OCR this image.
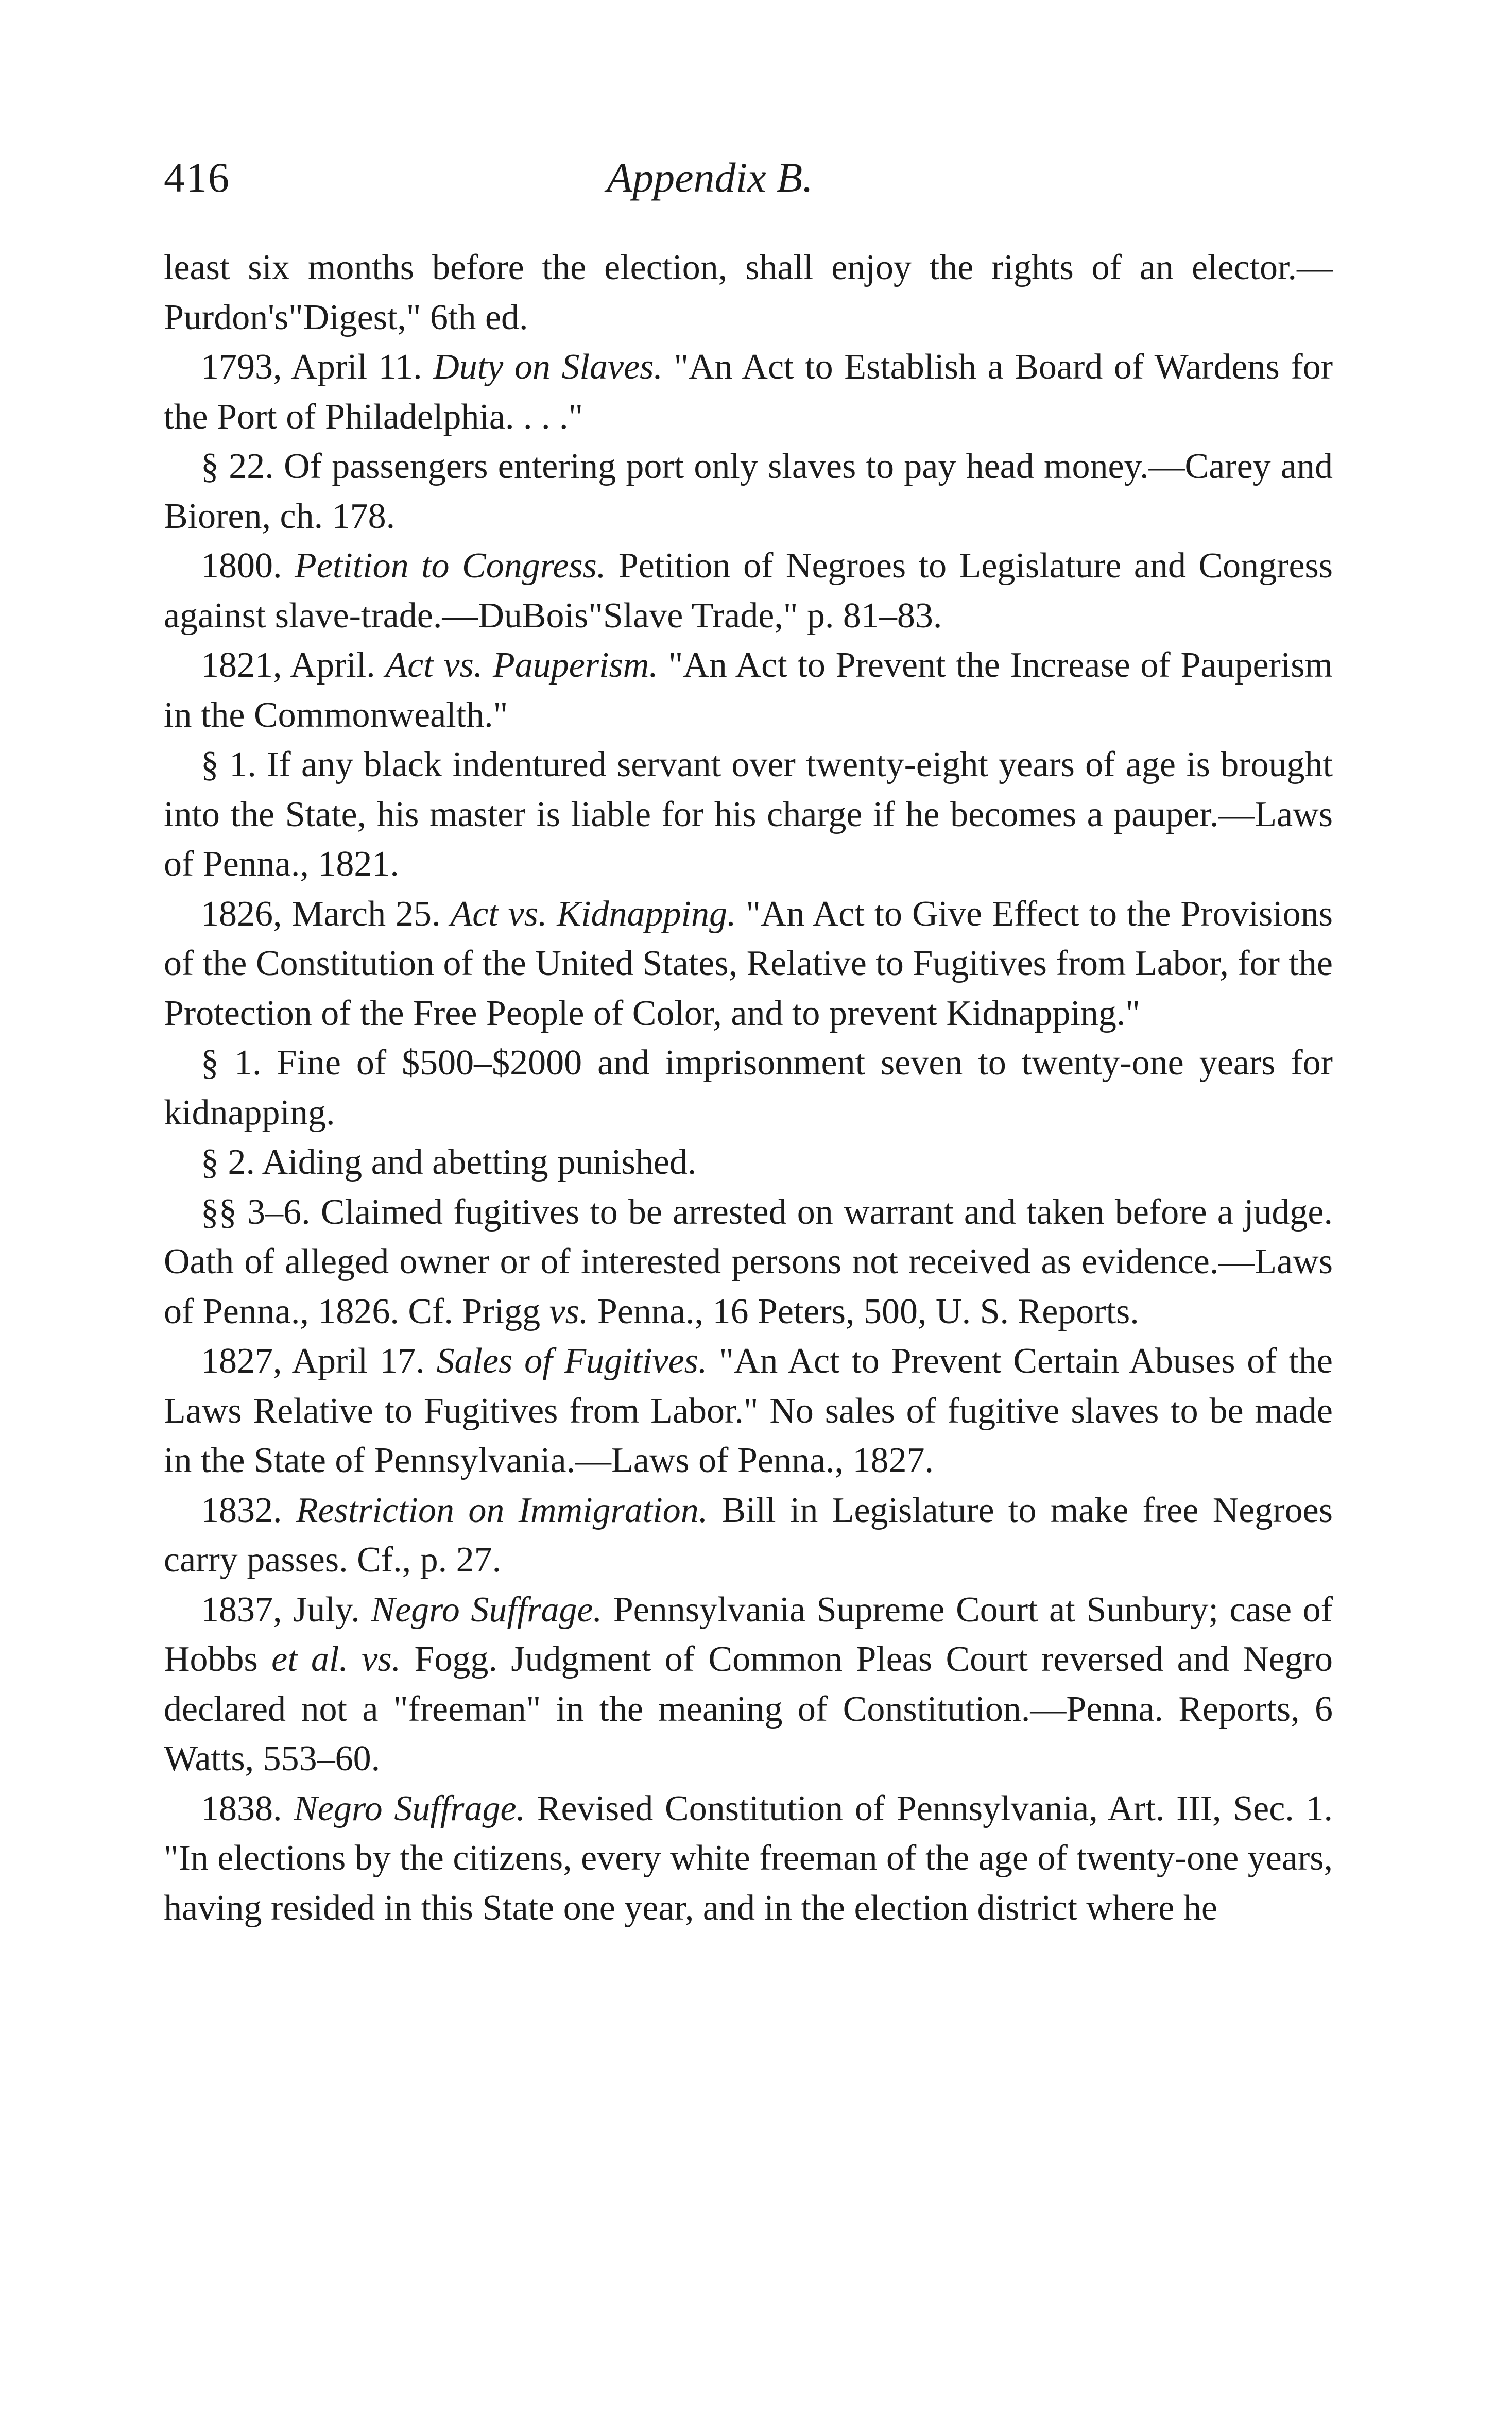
416	Appendix B.

least six months before the election, shall enjoy the rights of an elector.—Purdon's"Digest," 6th ed.

1793, April 11. Duty on Slaves. "An Act to Establish a Board of Wardens for the Port of Philadelphia. . . ."

§ 22. Of passengers entering port only slaves to pay head money.—Carey and Bioren, ch. 178.

1800. Petition to Congress. Petition of Negroes to Legislature and Congress against slave-trade.—DuBois"Slave Trade," p. 81–83.

1821, April. Act vs. Pauperism. "An Act to Prevent the Increase of Pauperism in the Commonwealth."

§ 1. If any black indentured servant over twenty-eight years of age is brought into the State, his master is liable for his charge if he becomes a pauper.—Laws of Penna., 1821.

1826, March 25. Act vs. Kidnapping. "An Act to Give Effect to the Provisions of the Constitution of the United States, Relative to Fugitives from Labor, for the Protection of the Free People of Color, and to prevent Kidnapping."

§ 1. Fine of $500–$2000 and imprisonment seven to twenty-one years for kidnapping.

§ 2. Aiding and abetting punished.

§§ 3–6. Claimed fugitives to be arrested on warrant and taken before a judge. Oath of alleged owner or of interested persons not received as evidence.—Laws of Penna., 1826. Cf. Prigg vs. Penna., 16 Peters, 500, U. S. Reports.

1827, April 17. Sales of Fugitives. "An Act to Prevent Certain Abuses of the Laws Relative to Fugitives from Labor." No sales of fugitive slaves to be made in the State of Pennsylvania.—Laws of Penna., 1827.

1832. Restriction on Immigration. Bill in Legislature to make free Negroes carry passes. Cf., p. 27.

1837, July. Negro Suffrage. Pennsylvania Supreme Court at Sunbury; case of Hobbs et al. vs. Fogg. Judgment of Common Pleas Court reversed and Negro declared not a "freeman" in the meaning of Constitution.—Penna. Reports, 6 Watts, 553–60.

1838. Negro Suffrage. Revised Constitution of Pennsylvania, Art. III, Sec. 1. "In elections by the citizens, every white freeman of the age of twenty-one years, having resided in this State one year, and in the election district where he
